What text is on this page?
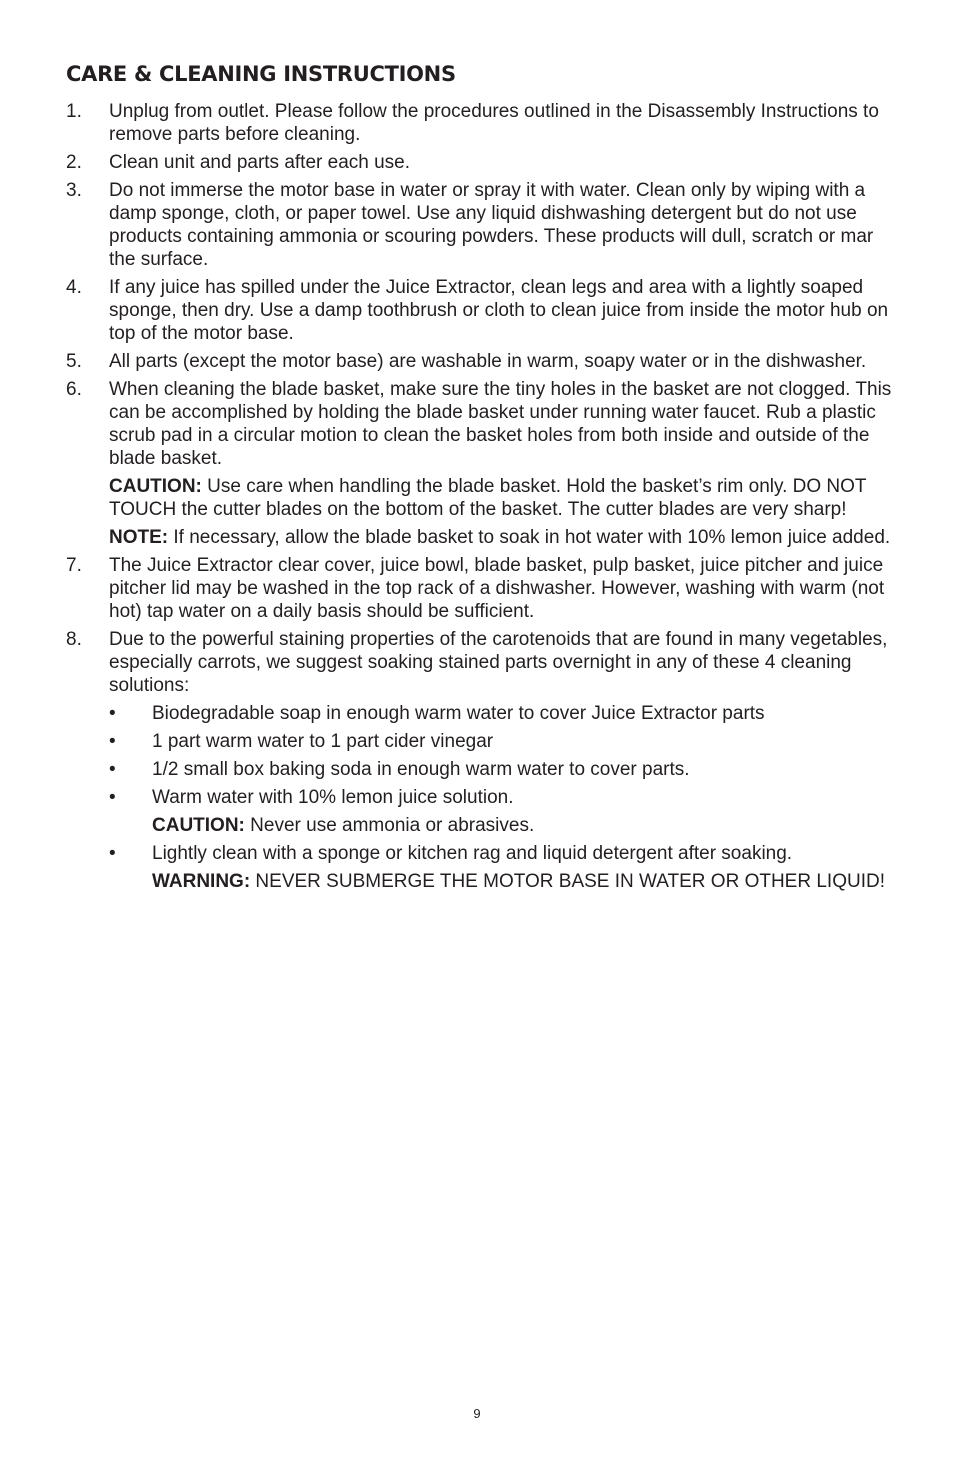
CARE & CLEANING INSTRUCTIONS
1.	Unplug from outlet. Please follow the procedures outlined in the Disassembly Instructions to remove parts before cleaning.

2.	Clean unit and parts after each use.

3.	Do not immerse the motor base in water or spray it with water. Clean only by wiping with a damp sponge, cloth, or paper towel. Use any liquid dishwashing detergent but do not use products containing ammonia or scouring powders. These products will dull, scratch or mar the surface.

4.	If any juice has spilled under the Juice Extractor, clean legs and area with a lightly soaped sponge, then dry. Use a damp toothbrush or cloth to clean juice from inside the motor hub on top of the motor base.

5.	All parts (except the motor base) are washable in warm, soapy water or in the dishwasher.

6.	When cleaning the blade basket, make sure the tiny holes in the basket are not clogged. This can be accomplished by holding the blade basket under running water faucet. Rub a plastic scrub pad in a circular motion to clean the basket holes from both inside and outside of the blade basket.

CAUTION: Use care when handling the blade basket. Hold the basket’s rim only. DO NOT TOUCH the cutter blades on the bottom of the basket. The cutter blades are very sharp!

NOTE: If necessary, allow the blade basket to soak in hot water with 10% lemon juice added.

7.	The Juice Extractor clear cover, juice bowl, blade basket, pulp basket, juice pitcher and juice pitcher lid may be washed in the top rack of a dishwasher. However, washing with warm (not hot) tap water on a daily basis should be sufficient.

8.	Due to the powerful staining properties of the carotenoids that are found in many vegetables, especially carrots, we suggest soaking stained parts overnight in any of these 4 cleaning solutions:

•	Biodegradable soap in enough warm water to cover Juice Extractor parts
•	1 part warm water to 1 part cider vinegar
•	1/2 small box baking soda in enough warm water to cover parts.
•	Warm water with 10% lemon juice solution.

CAUTION: Never use ammonia or abrasives.

•	Lightly clean with a sponge or kitchen rag and liquid detergent after soaking.

WARNING: NEVER SUBMERGE THE MOTOR BASE IN WATER OR OTHER LIQUID!

9
